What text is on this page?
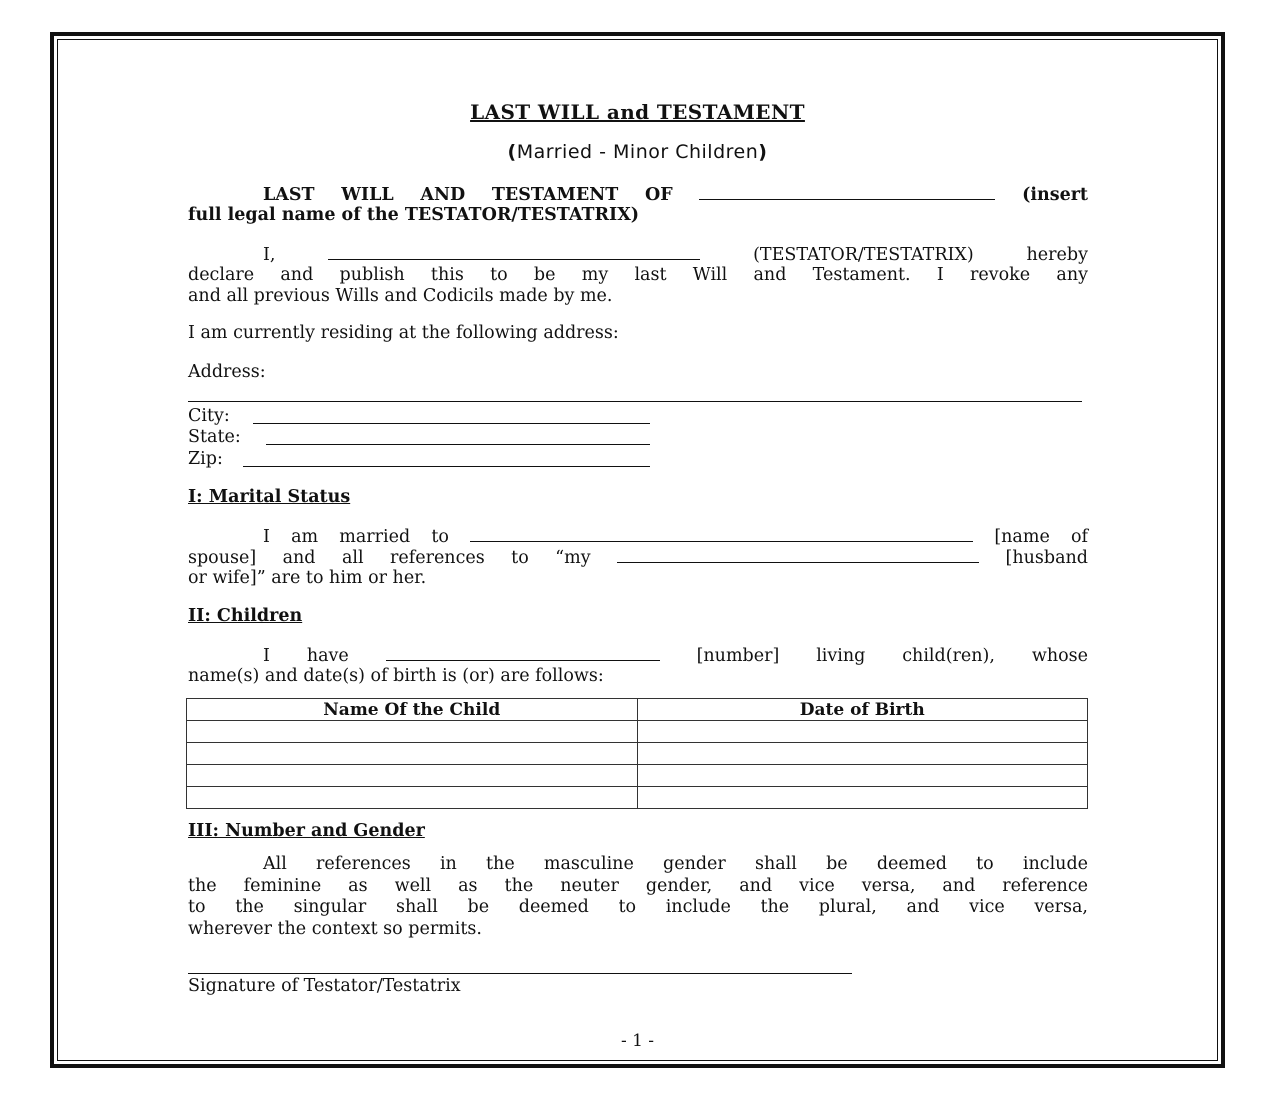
LAST WILL and TESTAMENT
(Married - Minor Children)
LAST WILL AND TESTAMENT OF	(insert
full legal name of the TESTATOR/TESTATRIX)
I,	(TESTATOR/TESTATRIX)	hereby
declare and publish this to be my last Will and Testament. I revoke any
and all previous Wills and Codicils made by me.
I am currently residing at the following address:
Address:
City:
State:
Zip:
I: Marital Status
I am married to	[name of
spouse] and all references to “my	[husband
or wife]” are to him or her.
II: Children
I have	[number] living child(ren), whose
name(s) and date(s) of birth is (or) are follows:
Name Of the Child	Date of Birth

III: Number and Gender
All references in the masculine gender shall be deemed to include
the feminine as well as the neuter gender, and vice versa, and reference
to the singular shall be deemed to include the plural, and vice versa,
wherever the context so permits.
Signature of Testator/Testatrix
- 1 -
